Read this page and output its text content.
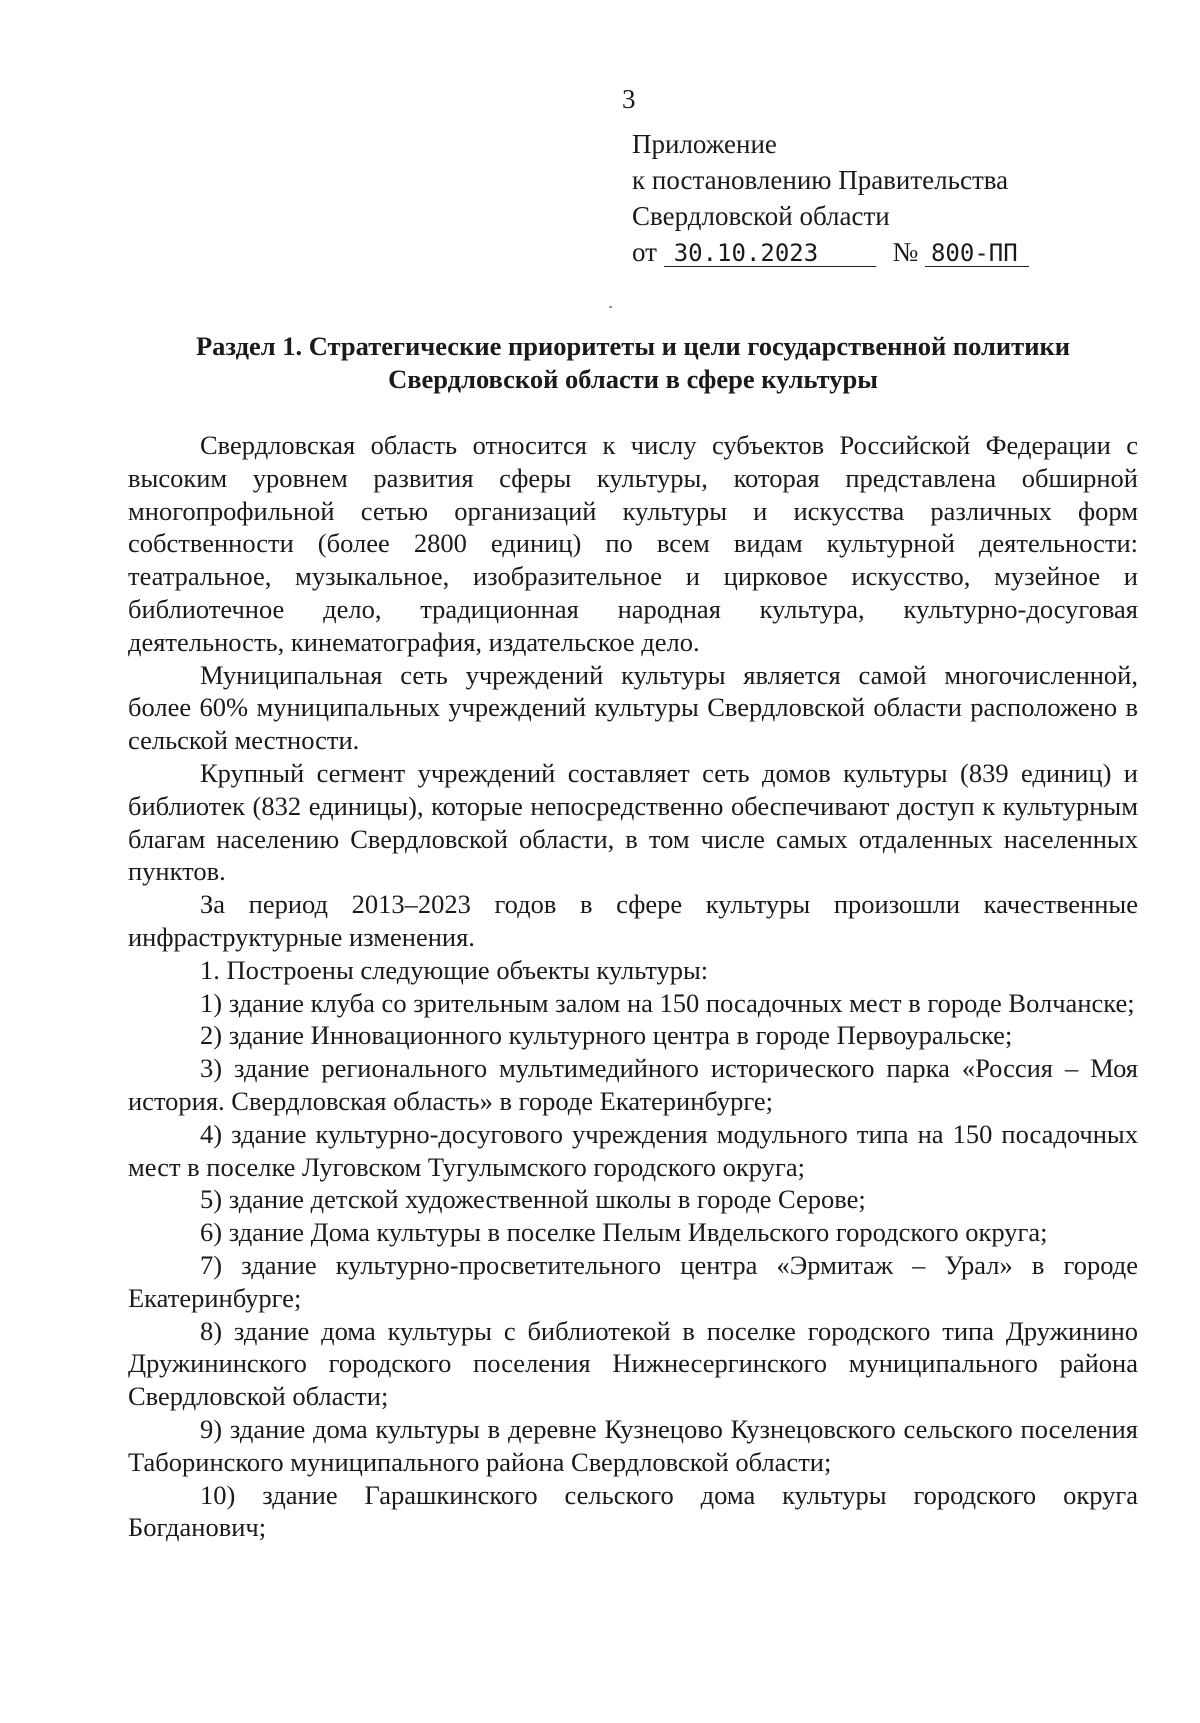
3
Приложение
к постановлению Правительства
Свердловской области
от 30.10.2023	№ 800-ПП
Раздел 1. Стратегические приоритеты и цели государственной политики
Свердловской области в сфере культуры

Свердловская область относится к числу субъектов Российской Федерации с высоким уровнем развития сферы культуры, которая представлена обширной многопрофильной сетью организаций культуры и искусства различных форм собственности (более 2800 единиц) по всем видам культурной деятельности: театральное, музыкальное, изобразительное и цирковое искусство, музейное и библиотечное дело, традиционная народная культура, культурно-досуговая деятельность, кинематография, издательское дело.

Муниципальная сеть учреждений культуры является самой многочисленной, более 60% муниципальных учреждений культуры Свердловской области расположено в сельской местности.

Крупный сегмент учреждений составляет сеть домов культуры (839 единиц) и библиотек (832 единицы), которые непосредственно обеспечивают доступ к культурным благам населению Свердловской области, в том числе самых отдаленных населенных пунктов.

За период 2013–2023 годов в сфере культуры произошли качественные инфраструктурные изменения.

1. Построены следующие объекты культуры:

1) здание клуба со зрительным залом на 150 посадочных мест в городе Волчанске;

2) здание Инновационного культурного центра в городе Первоуральске;

3) здание регионального мультимедийного исторического парка «Россия – Моя история. Свердловская область» в городе Екатеринбурге;

4) здание культурно-досугового учреждения модульного типа на 150 посадочных мест в поселке Луговском Тугулымского городского округа;

5) здание детской художественной школы в городе Серове;

6) здание Дома культуры в поселке Пелым Ивдельского городского округа;

7) здание культурно-просветительного центра «Эрмитаж – Урал» в городе Екатеринбурге;

8) здание дома культуры с библиотекой в поселке городского типа Дружинино Дружининского городского поселения Нижнесергинского муниципального района Свердловской области;

9) здание дома культуры в деревне Кузнецово Кузнецовского сельского поселения Таборинского муниципального района Свердловской области;

10) здание Гарашкинского сельского дома культуры городского округа Богданович;
